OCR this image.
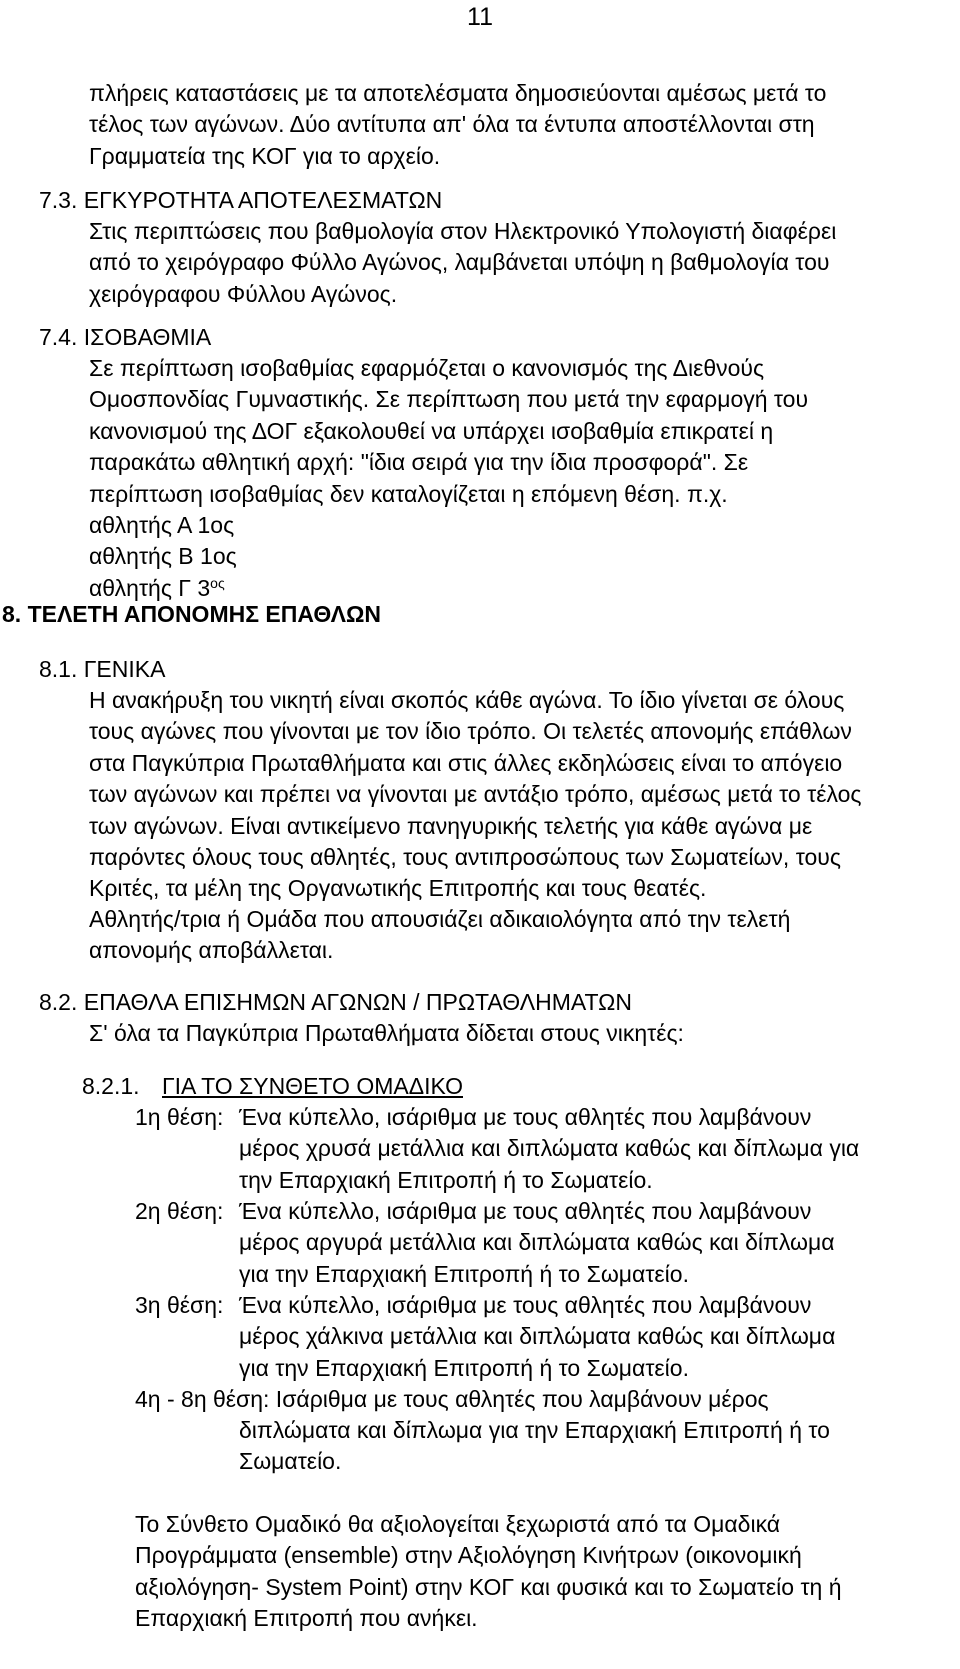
11
πλήρεις καταστάσεις με τα αποτελέσματα δημοσιεύονται αμέσως μετά το
τέλος των αγώνων. Δύο αντίτυπα απ' όλα τα έντυπα αποστέλλονται στη
Γραμματεία της ΚΟΓ για το αρχείο.
7.3. ΕΓΚΥΡΟΤΗΤΑ ΑΠΟΤΕΛΕΣΜΑΤΩΝ
Στις περιπτώσεις που βαθμολογία στον Ηλεκτρονικό Υπολογιστή διαφέρει
από το χειρόγραφο Φύλλο Αγώνος, λαμβάνεται υπόψη η βαθμολογία του
χειρόγραφου Φύλλου Αγώνος.
7.4. ΙΣΟΒΑΘΜΙΑ
Σε περίπτωση ισοβαθμίας εφαρμόζεται ο κανονισμός της Διεθνούς
Ομοσπονδίας Γυμναστικής. Σε περίπτωση που μετά την εφαρμογή του
κανονισμού της ΔΟΓ εξακολουθεί να υπάρχει ισοβαθμία επικρατεί η
παρακάτω αθλητική αρχή: "ίδια σειρά για την ίδια προσφορά". Σε
περίπτωση ισοβαθμίας δεν καταλογίζεται η επόμενη θέση. π.χ.
αθλητής Α 1ος
αθλητής Β 1ος
αθλητής Γ $3^{o\varsigma}$
8. ΤΕΛΕΤΗ ΑΠΟΝΟΜΗΣ ΕΠΑΘΛΩΝ
8.1. ΓΕΝΙΚΑ
Η ανακήρυξη του νικητή είναι σκοπός κάθε αγώνα. Το ίδιο γίνεται σε όλους
τους αγώνες που γίνονται με τον ίδιο τρόπο. Οι τελετές απονομής επάθλων
στα Παγκύπρια Πρωταθλήματα και στις άλλες εκδηλώσεις είναι το απόγειο
των αγώνων και πρέπει να γίνονται με αντάξιο τρόπο, αμέσως μετά το τέλος
των αγώνων. Είναι αντικείμενο πανηγυρικής τελετής για κάθε αγώνα με
παρόντες όλους τους αθλητές, τους αντιπροσώπους των Σωματείων, τους
Κριτές, τα μέλη της Οργανωτικής Επιτροπής και τους θεατές.
Αθλητής/τρια ή Ομάδα που απουσιάζει αδικαιολόγητα από την τελετή
απονομής αποβάλλεται.
8.2. ΕΠΑΘΛΑ ΕΠΙΣΗΜΩΝ ΑΓΩΝΩΝ / ΠΡΩΤΑΘΛΗΜΑΤΩΝ
Σ' όλα τα Παγκύπρια Πρωταθλήματα δίδεται στους νικητές:
8.2.1. ΓΙΑ ΤΟ ΣΥΝΘΕΤΟ ΟΜΑΔΙΚΟ
1η θέση: Ένα κύπελλο, ισάριθμα με τους αθλητές που λαμβάνουν
μέρος χρυσά μετάλλια και διπλώματα καθώς και δίπλωμα για
την Επαρχιακή Επιτροπή ή το Σωματείο.
2η θέση: Ένα κύπελλο, ισάριθμα με τους αθλητές που λαμβάνουν
μέρος αργυρά μετάλλια και διπλώματα καθώς και δίπλωμα
για την Επαρχιακή Επιτροπή ή το Σωματείο.
3η θέση: Ένα κύπελλο, ισάριθμα με τους αθλητές που λαμβάνουν
μέρος χάλκινα μετάλλια και διπλώματα καθώς και δίπλωμα
για την Επαρχιακή Επιτροπή ή το Σωματείο.
4η - 8η θέση: Ισάριθμα με τους αθλητές που λαμβάνουν μέρος
διπλώματα και δίπλωμα για την Επαρχιακή Επιτροπή ή το
Σωματείο.
Το Σύνθετο Ομαδικό θα αξιολογείται ξεχωριστά από τα Ομαδικά
Προγράμματα (ensemble) στην Αξιολόγηση Κινήτρων (οικονομική
αξιολόγηση- System Point) στην ΚΟΓ και φυσικά και το Σωματείο τη ή
Επαρχιακή Επιτροπή που ανήκει.
